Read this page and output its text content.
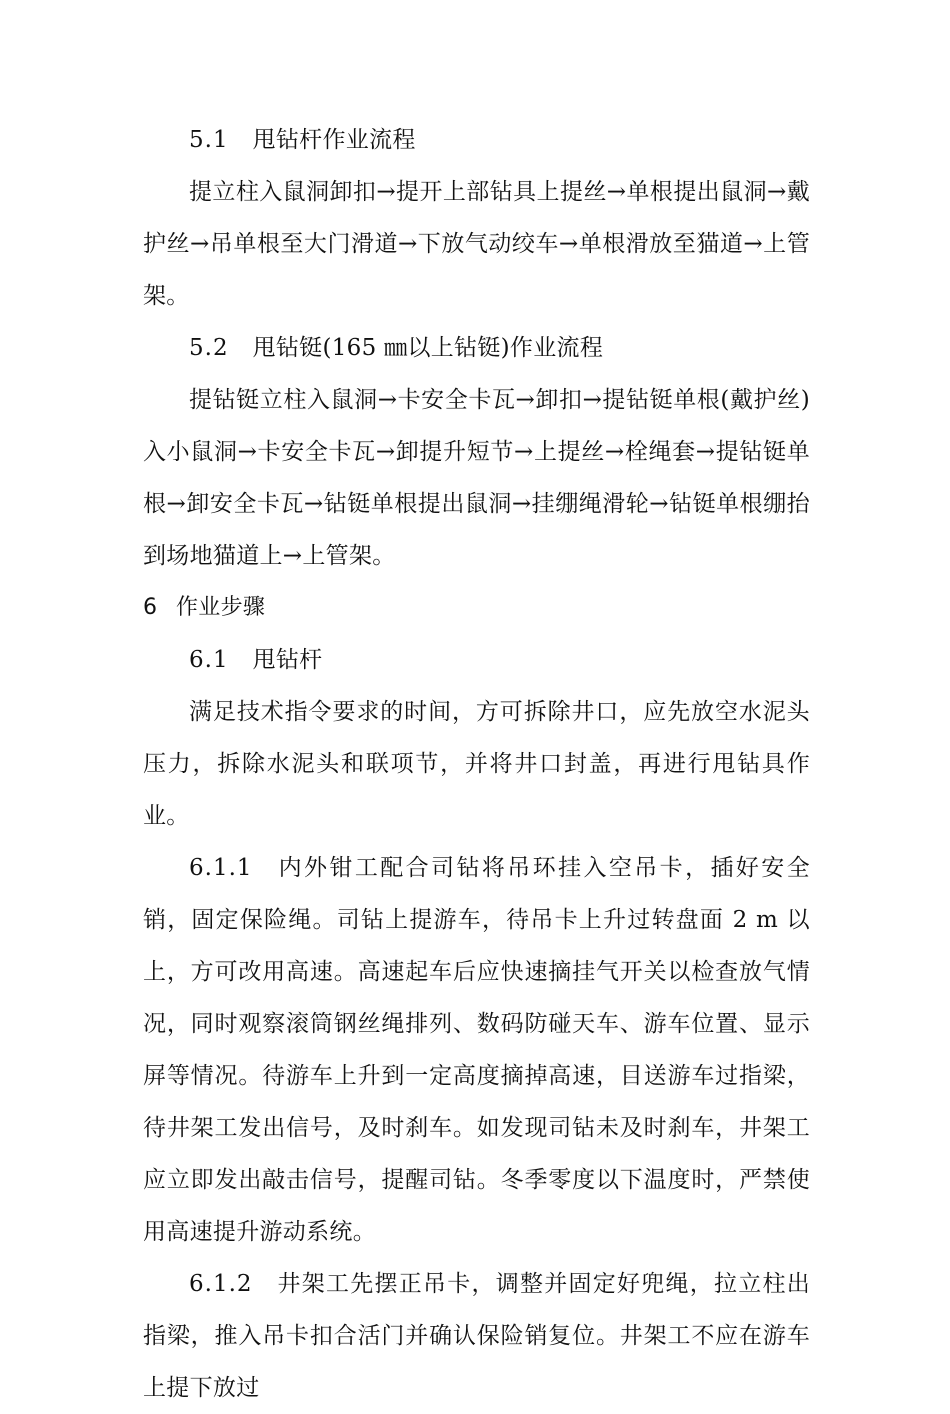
5.1 甩钻杆作业流程

提立柱入鼠洞卸扣→提开上部钻具上提丝→单根提出鼠洞→戴护丝→吊单根至大门滑道→下放气动绞车→单根滑放至猫道→上管架。

5.2 甩钻铤(165 ㎜以上钻铤)作业流程

提钻铤立柱入鼠洞→卡安全卡瓦→卸扣→提钻铤单根(戴护丝)入小鼠洞→卡安全卡瓦→卸提升短节→上提丝→栓绳套→提钻铤单根→卸安全卡瓦→钻铤单根提出鼠洞→挂绷绳滑轮→钻铤单根绷抬到场地猫道上→上管架。

6 作业步骤

6.1 甩钻杆

满足技术指令要求的时间，方可拆除井口，应先放空水泥头压力，拆除水泥头和联项节，并将井口封盖，再进行甩钻具作业。

6.1.1 内外钳工配合司钻将吊环挂入空吊卡，插好安全销，固定保险绳。司钻上提游车，待吊卡上升过转盘面 2 m 以上，方可改用高速。高速起车后应快速摘挂气开关以检查放气情况，同时观察滚筒钢丝绳排列、数码防碰天车、游车位置、显示屏等情况。待游车上升到一定高度摘掉高速，目送游车过指梁，待井架工发出信号，及时刹车。如发现司钻未及时刹车，井架工应立即发出敲击信号，提醒司钻。冬季零度以下温度时，严禁使用高速提升游动系统。

6.1.2 井架工先摆正吊卡，调整并固定好兜绳，拉立柱出指梁，推入吊卡扣合活门并确认保险销复位。井架工不应在游车上提下放过
